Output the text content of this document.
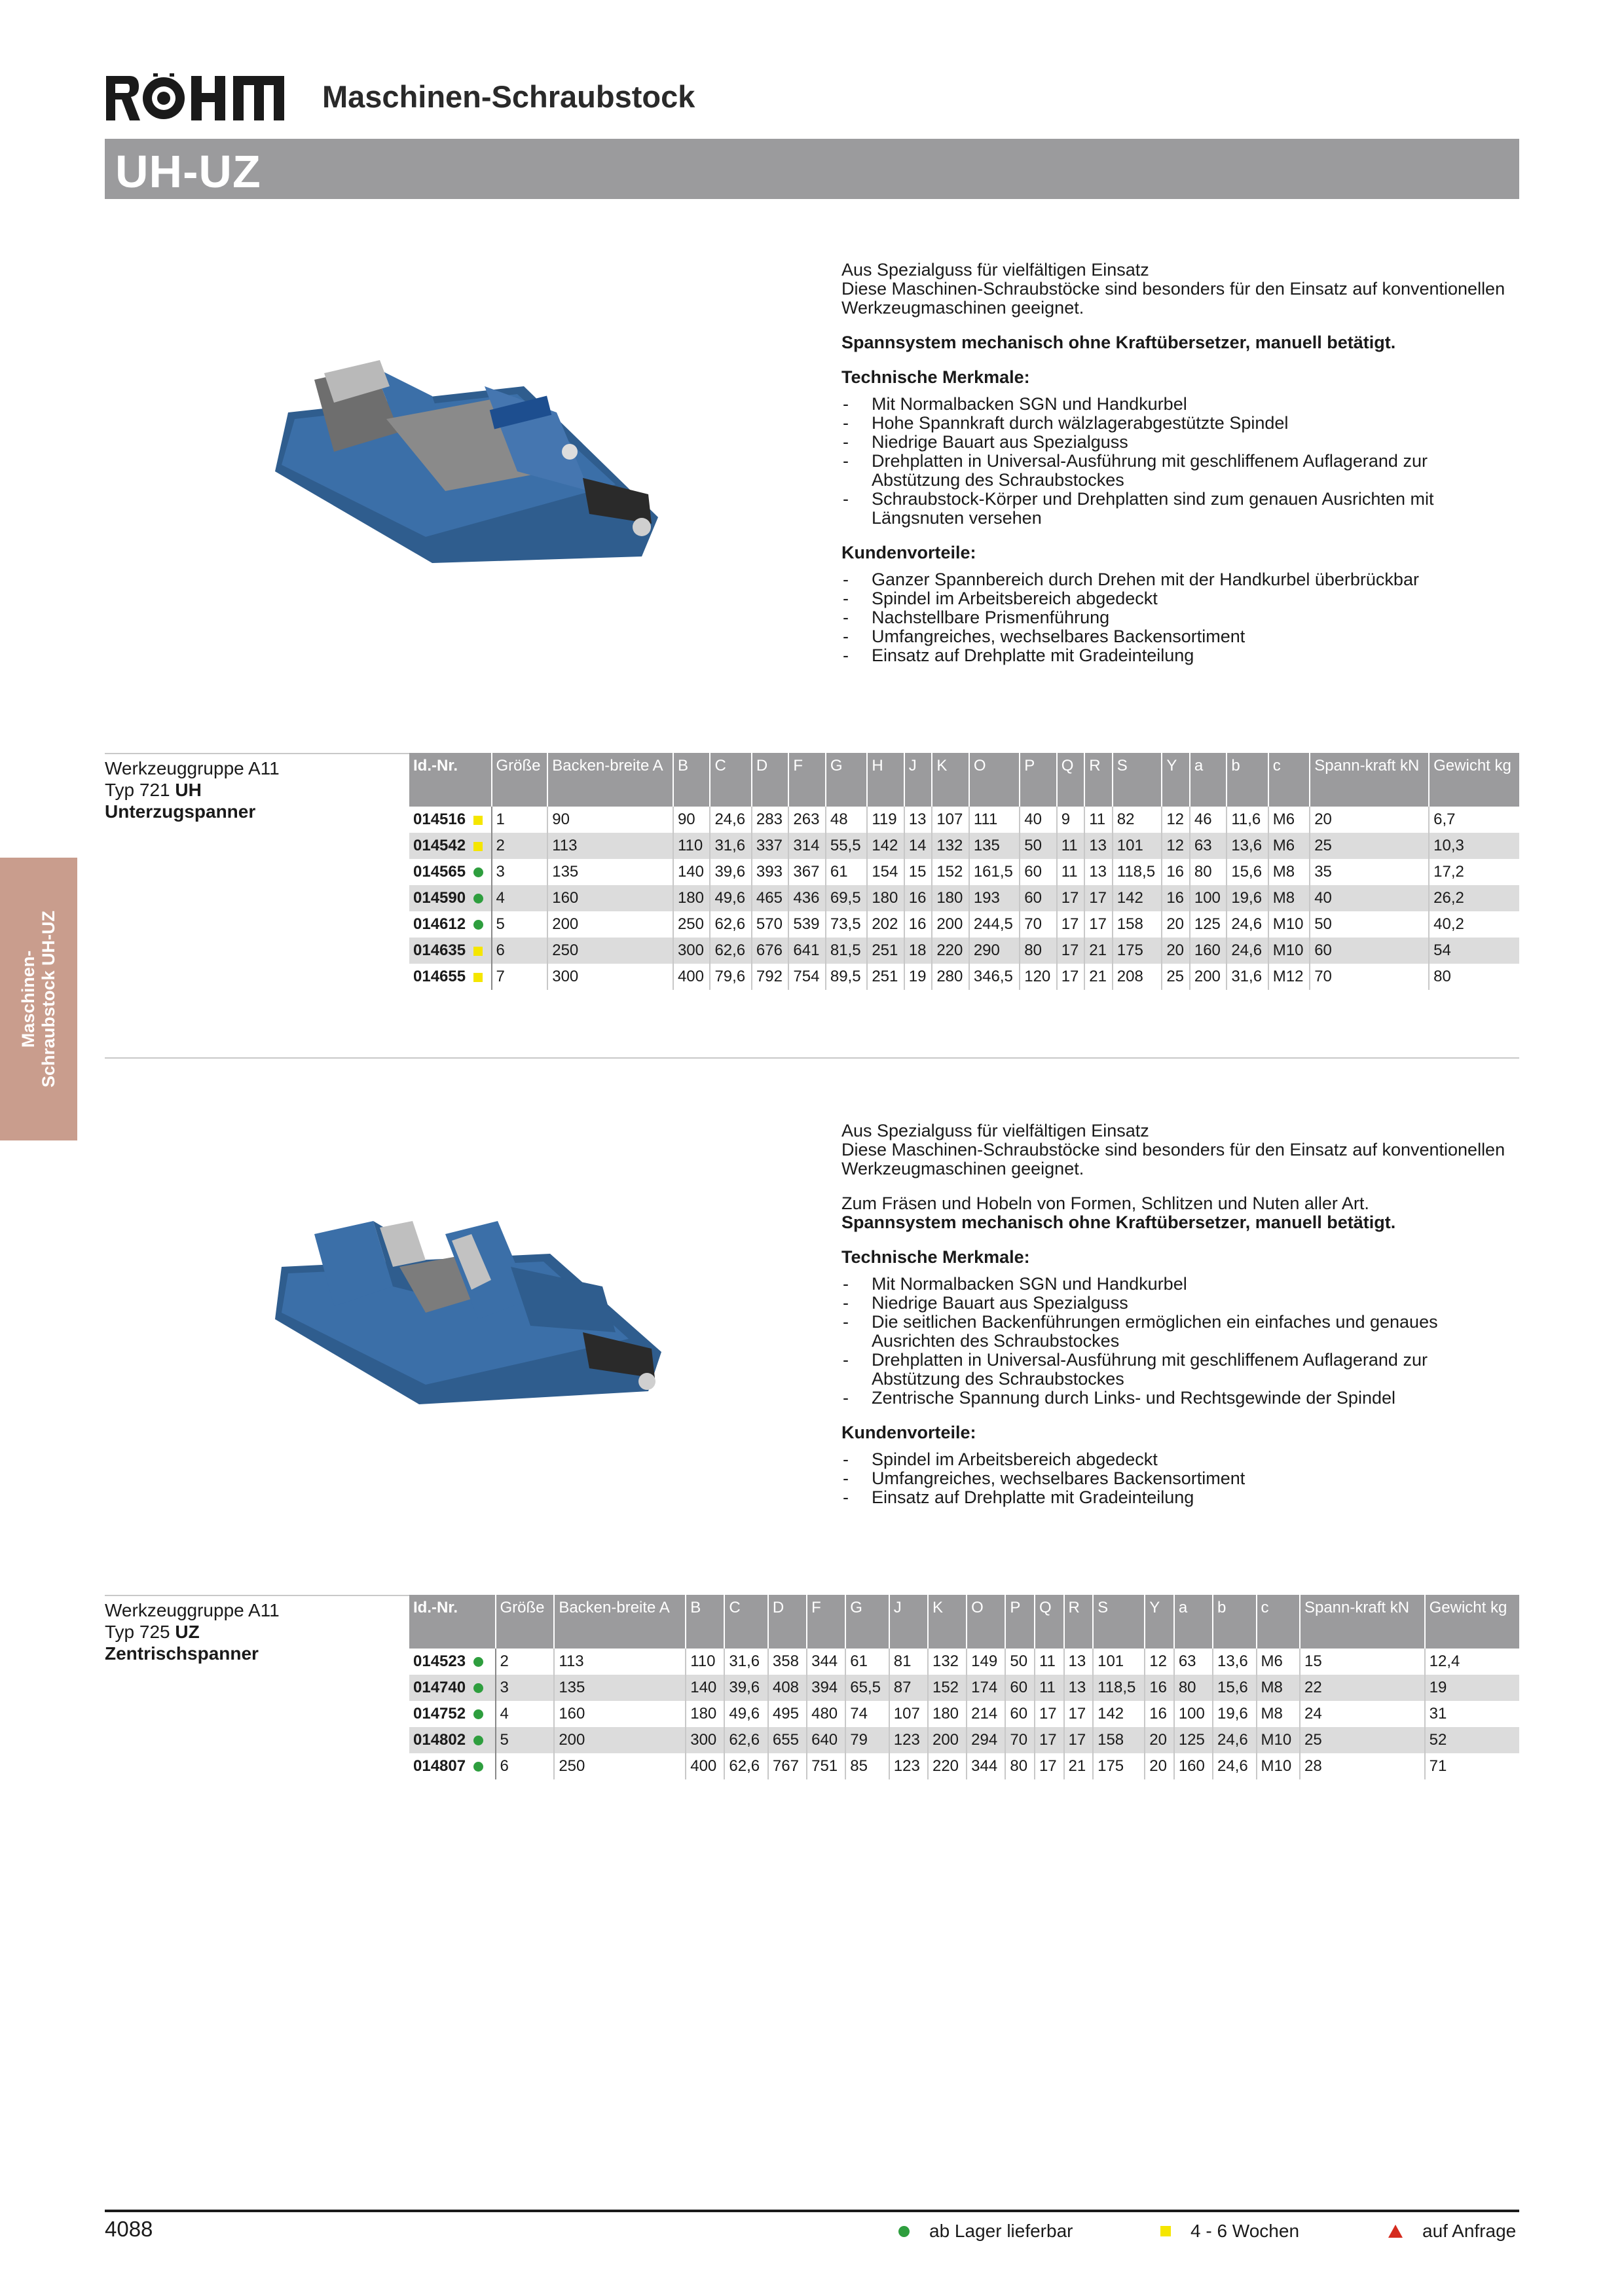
Maschinen-Schraubstock
UH-UZ
Maschinen- Schraubstock UH-UZ

Aus Spezialguss für vielfältigen Einsatz

Diese Maschinen-Schraubstöcke sind besonders für den Einsatz auf konventionellen Werkzeugmaschinen geeignet.

Spannsystem mechanisch ohne Kraftübersetzer, manuell betätigt.

Technische Merkmale:

- Mit Normalbacken SGN und Handkurbel
- Hohe Spannkraft durch wälzlagerabgestützte Spindel
- Niedrige Bauart aus Spezialguss
- Drehplatten in Universal-Ausführung mit geschliffenem Auflagerand zur Abstützung des Schraubstockes
- Schraubstock-Körper und Drehplatten sind zum genauen Ausrichten mit Längsnuten versehen

Kundenvorteile:

- Ganzer Spannbereich durch Drehen mit der Handkurbel überbrückbar
- Spindel im Arbeitsbereich abgedeckt
- Nachstellbare Prismenführung
- Umfangreiches, wechselbares Backensortiment
- Einsatz auf Drehplatte mit Gradeinteilung
Werkzeuggruppe A11
Typ 721 UH
Unterzugspanner
Id.-Nr.	Größe	Backen-breite A	B	C	D	F	G	H	J	K	O	P	Q	R	S	Y	a	b	c	Spann-kraft kN	Gewicht kg
014516	1	90	90	24,6	283	263	48	119	13	107	111	40	9	11	82	12	46	11,6	M6	20	6,7
014542	2	113	110	31,6	337	314	55,5	142	14	132	135	50	11	13	101	12	63	13,6	M6	25	10,3
014565	3	135	140	39,6	393	367	61	154	15	152	161,5	60	11	13	118,5	16	80	15,6	M8	35	17,2
014590	4	160	180	49,6	465	436	69,5	180	16	180	193	60	17	17	142	16	100	19,6	M8	40	26,2
014612	5	200	250	62,6	570	539	73,5	202	16	200	244,5	70	17	17	158	20	125	24,6	M10	50	40,2
014635	6	250	300	62,6	676	641	81,5	251	18	220	290	80	17	21	175	20	160	24,6	M10	60	54
014655	7	300	400	79,6	792	754	89,5	251	19	280	346,5	120	17	21	208	25	200	31,6	M12	70	80

Aus Spezialguss für vielfältigen Einsatz

Diese Maschinen-Schraubstöcke sind besonders für den Einsatz auf konventionellen Werkzeugmaschinen geeignet.

Zum Fräsen und Hobeln von Formen, Schlitzen und Nuten aller Art.

Spannsystem mechanisch ohne Kraftübersetzer, manuell betätigt.

Technische Merkmale:

- Mit Normalbacken SGN und Handkurbel
- Niedrige Bauart aus Spezialguss
- Die seitlichen Backenführungen ermöglichen ein einfaches und genaues Ausrichten des Schraubstockes
- Drehplatten in Universal-Ausführung mit geschliffenem Auflagerand zur Abstützung des Schraubstockes
- Zentrische Spannung durch Links- und Rechtsgewinde der Spindel

Kundenvorteile:

- Spindel im Arbeitsbereich abgedeckt
- Umfangreiches, wechselbares Backensortiment
- Einsatz auf Drehplatte mit Gradeinteilung
Werkzeuggruppe A11
Typ 725 UZ
Zentrischspanner
Id.-Nr.	Größe	Backen-breite A	B	C	D	F	G	J	K	O	P	Q	R	S	Y	a	b	c	Spann-kraft kN	Gewicht kg
014523	2	113	110	31,6	358	344	61	81	132	149	50	11	13	101	12	63	13,6	M6	15	12,4
014740	3	135	140	39,6	408	394	65,5	87	152	174	60	11	13	118,5	16	80	15,6	M8	22	19
014752	4	160	180	49,6	495	480	74	107	180	214	60	17	17	142	16	100	19,6	M8	24	31
014802	5	200	300	62,6	655	640	79	123	200	294	70	17	17	158	20	125	24,6	M10	25	52
014807	6	250	400	62,6	767	751	85	123	220	344	80	17	21	175	20	160	24,6	M10	28	71
4088	ab Lager lieferbar	4 - 6 Wochen	auf Anfrage
